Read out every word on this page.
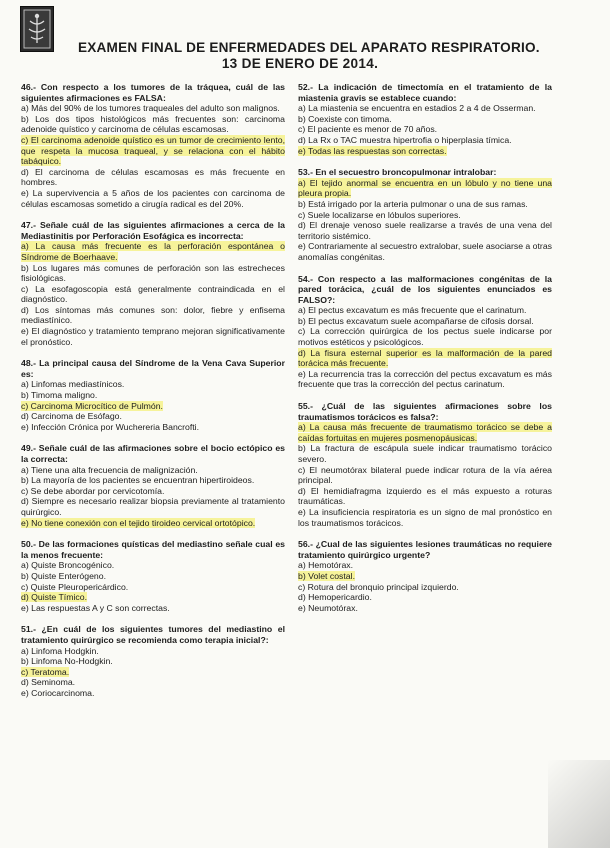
EXAMEN FINAL DE ENFERMEDADES DEL APARATO RESPIRATORIO.
13 DE ENERO DE 2014.

46.- Con respecto a los tumores de la tráquea, cuál de las siguientes afirmaciones es FALSA:

a) Más del 90% de los tumores traqueales del adulto son malignos.

b) Los dos tipos histológicos más frecuentes son: carcinoma adenoide quístico y carcinoma de células escamosas.

c) El carcinoma adenoide quístico es un tumor de crecimiento lento, que respeta la mucosa traqueal, y se relaciona con el hábito tabáquico.

d) El carcinoma de células escamosas es más frecuente en hombres.

e) La supervivencia a 5 años de los pacientes con carcinoma de células escamosas sometido a cirugía radical es del 20%.

47.- Señale cuál de las siguientes afirmaciones a cerca de la Mediastinitis por Perforación Esofágica es incorrecta:

a) La causa más frecuente es la perforación espontánea o Síndrome de Boerhaave.

b) Los lugares más comunes de perforación son las estrecheces fisiológicas.

c) La esofagoscopia está generalmente contraindicada en el diagnóstico.

d) Los síntomas más comunes son: dolor, fiebre y enfisema mediastínico.

e) El diagnóstico y tratamiento temprano mejoran significativamente el pronóstico.

48.- La principal causa del Síndrome de la Vena Cava Superior es:

a) Linfomas mediastínicos.

b) Timoma maligno.

c) Carcinoma Microcítico de Pulmón.

d) Carcinoma de Esófago.

e) Infección Crónica por Wuchereria Bancrofti.

49.- Señale cuál de las afirmaciones sobre el bocio ectópico es la correcta:

a) Tiene una alta frecuencia de malignización.

b) La mayoría de los pacientes se encuentran hipertiroideos.

c) Se debe abordar por cervicotomía.

d) Siempre es necesario realizar biopsia previamente al tratamiento quirúrgico.

e) No tiene conexión con el tejido tiroideo cervical ortotópico.

50.- De las formaciones quísticas del mediastino señale cual es la menos frecuente:

a) Quiste Broncogénico.

b) Quiste Enterógeno.

c) Quiste Pleuropericárdico.

d) Quiste Tímico.

e) Las respuestas A y C son correctas.

51.- ¿En cuál de los siguientes tumores del mediastino el tratamiento quirúrgico se recomienda como terapia inicial?:

a) Linfoma Hodgkin.

b) Linfoma No-Hodgkin.

c) Teratoma.

d) Seminoma.

e) Coriocarcinoma.

52.- La indicación de timectomía en el tratamiento de la miastenia gravis se establece cuando:

a) La miastenia se encuentra en estadios 2 a 4 de Osserman.

b) Coexiste con timoma.

c) El paciente es menor de 70 años.

d) La Rx o TAC muestra hipertrofia o hiperplasia tímica.

e) Todas las respuestas son correctas.

53.- En el secuestro broncopulmonar intralobar:

a) El tejido anormal se encuentra en un lóbulo y no tiene una pleura propia.

b) Está irrigado por la arteria pulmonar o una de sus ramas.

c) Suele localizarse en lóbulos superiores.

d) El drenaje venoso suele realizarse a través de una vena del territorio sistémico.

e) Contrariamente al secuestro extralobar, suele asociarse a otras anomalías congénitas.

54.- Con respecto a las malformaciones congénitas de la pared torácica, ¿cuál de los siguientes enunciados es FALSO?:

a) El pectus excavatum es más frecuente que el carinatum.

b) El pectus excavatum suele acompañarse de cifosis dorsal.

c) La corrección quirúrgica de los pectus suele indicarse por motivos estéticos y psicológicos.

d) La fisura esternal superior es la malformación de la pared torácica más frecuente.

e) La recurrencia tras la corrección del pectus excavatum es más frecuente que tras la corrección del pectus carinatum.

55.- ¿Cuál de las siguientes afirmaciones sobre los traumatismos torácicos es falsa?:

a) La causa más frecuente de traumatismo torácico se debe a caídas fortuitas en mujeres posmenopáusicas.

b) La fractura de escápula suele indicar traumatismo torácico severo.

c) El neumotórax bilateral puede indicar rotura de la vía aérea principal.

d) El hemidiafragma izquierdo es el más expuesto a roturas traumáticas.

e) La insuficiencia respiratoria es un signo de mal pronóstico en los traumatismos torácicos.

56.- ¿Cual de las siguientes lesiones traumáticas no requiere tratamiento quirúrgico urgente?

a) Hemotórax.

b) Volet costal.

c) Rotura del bronquio principal izquierdo.

d) Hemopericardio.

e) Neumotórax.
